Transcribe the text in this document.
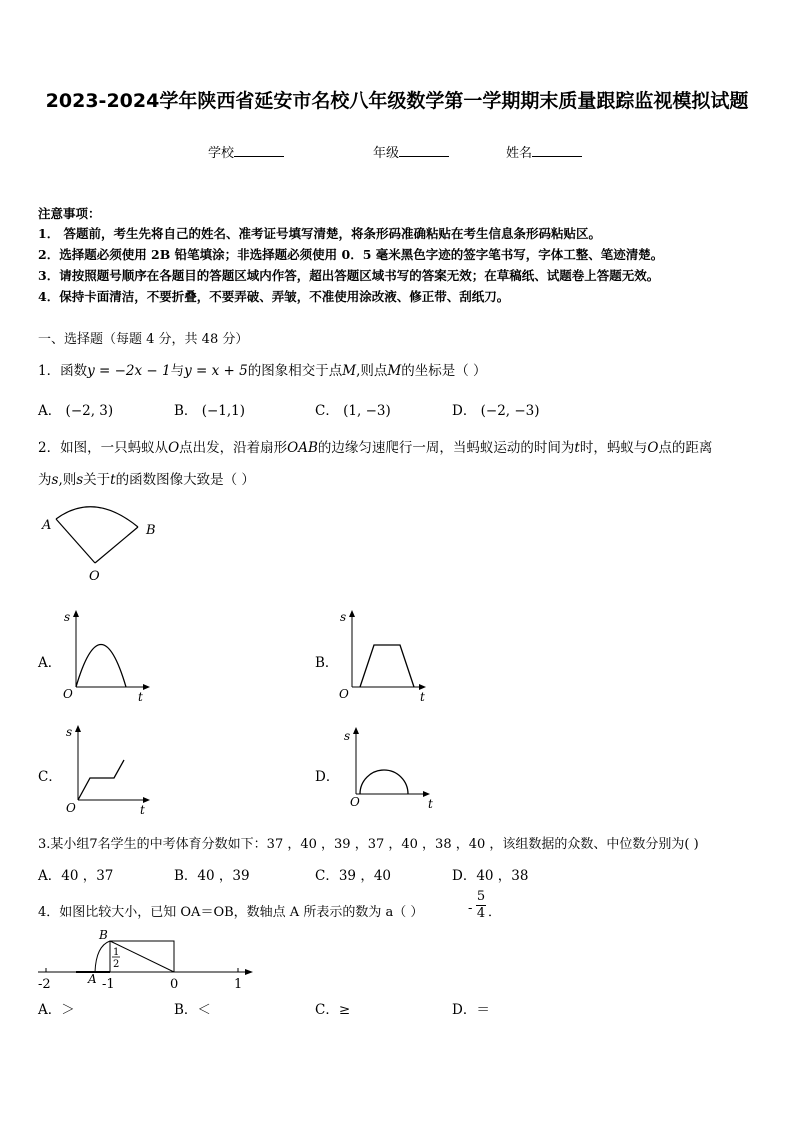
2023-2024学年陕西省延安市名校八年级数学第一学期期末质量跟踪监视模拟试题
学校	年级	姓名
注意事项：
1． 答题前，考生先将自己的姓名、准考证号填写清楚，将条形码准确粘贴在考生信息条形码粘贴区。
2．选择题必须使用 2B 铅笔填涂；非选择题必须使用 0．5 毫米黑色字迹的签字笔书写，字体工整、笔迹清楚。
3．请按照题号顺序在各题目的答题区域内作答，超出答题区域书写的答案无效；在草稿纸、试题卷上答题无效。
4．保持卡面清洁，不要折叠，不要弄破、弄皱，不准使用涂改液、修正带、刮纸刀。
一、选择题（每题 4 分，共 48 分）
1．函数y = −2x − 1与y = x + 5的图象相交于点M,则点M的坐标是（ ）
A． (−2, 3)	B． (−1,1)	C． (1, −3)	D． (−2, −3)
2．如图，一只蚂蚁从O点出发，沿着扇形OAB的边缘匀速爬行一周，当蚂蚁运动的时间为t时，蚂蚁与O点的距离
为s,则s关于t的函数图像大致是（ ）
A	B
O
A．	B．
C．	D．
s
O	t
s
O	t
s
O	t
s
O	t
3.某小组7名学生的中考体育分数如下：37 ，40 ，39 ，37 ，40 ，38 ，40 ，该组数据的众数、中位数分别为( )
A．40 ，37	B．40 ，39	C．39 ，40	D．40 ，38
4．如图比较大小，已知 OA＝OB，数轴点 A 所表示的数为 a（ ）	- $\frac{5}{4}$ ．
B
A
1
2
-2	-1	0	1
A．＞	B．＜	C．≥	D．＝
